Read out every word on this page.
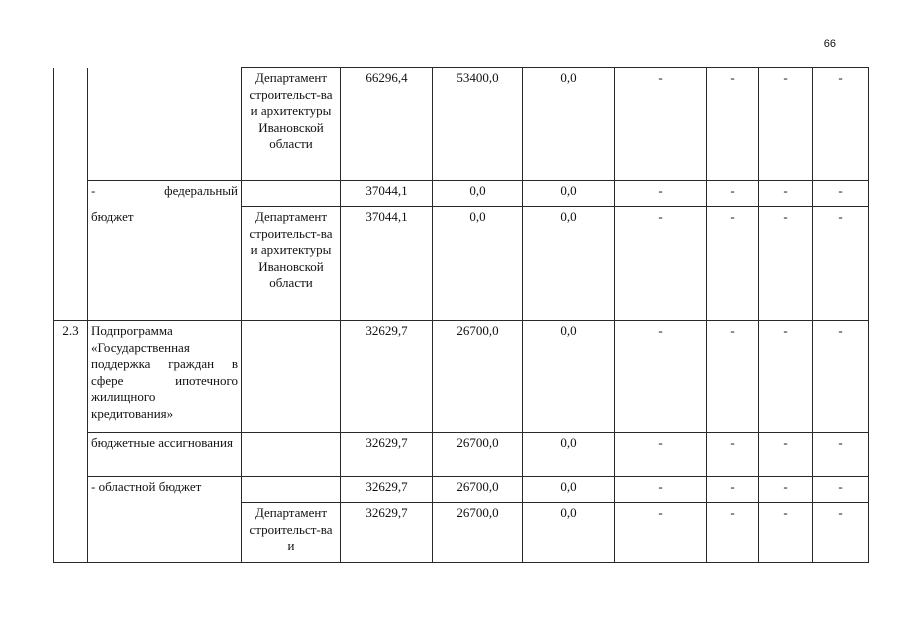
66
		Департамент строительст-ва и архитектуры Ивановской области	66296,4	53400,0	0,0	-	-	-	-

	- федеральный		37044,1	0,0	0,0	-	-	-	-
	бюджет	Департамент строительст-ва и архитектуры Ивановской области	37044,1	0,0	0,0	-	-	-	-
2.3	Подпрограмма «Государственная поддержка граждан в сфере ипотечного жилищного кредитования»		32629,7	26700,0	0,0	-	-	-	-
	бюджетные ассигнования		32629,7	26700,0	0,0	-	-	-	-
	- областной бюджет		32629,7	26700,0	0,0	-	-	-	-
		Департамент строительст-ва и	32629,7	26700,0	0,0	-	-	-	-
